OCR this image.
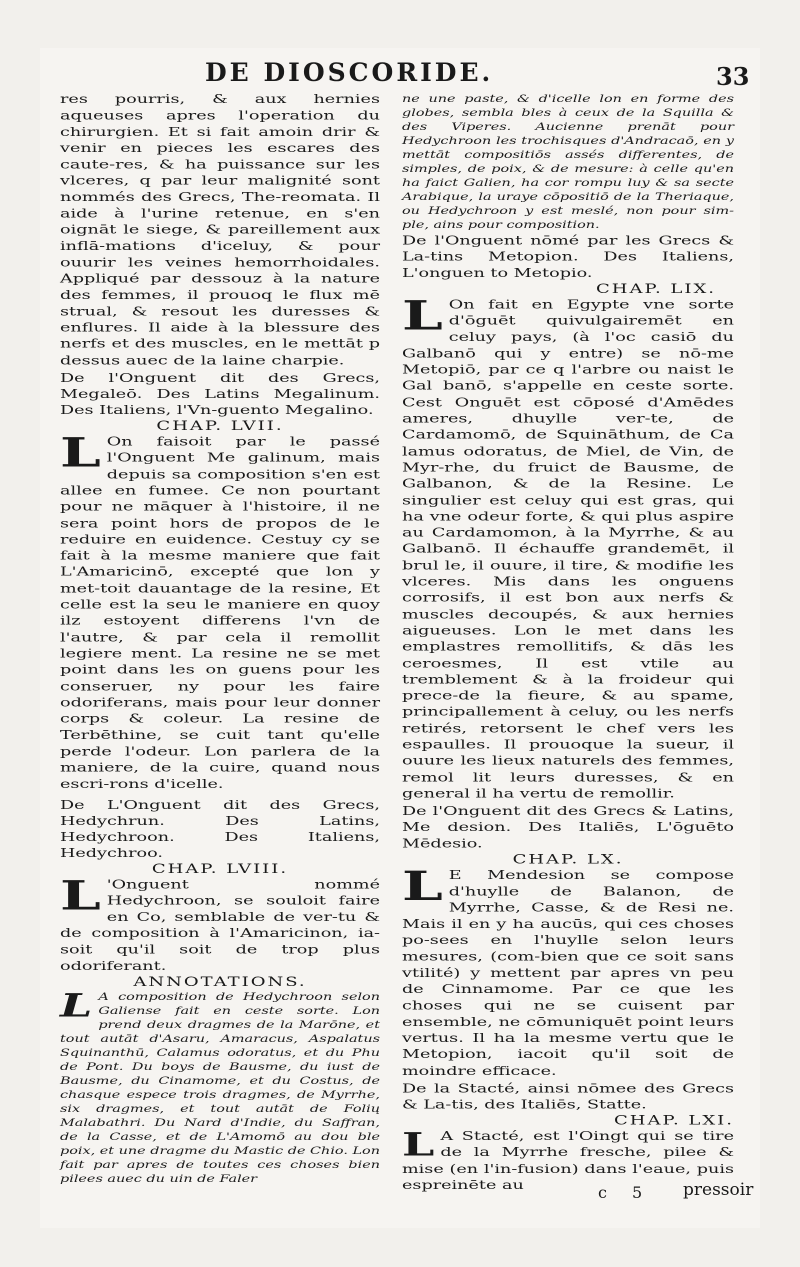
DE DIOSCORIDE.	33

res pourris, & aux hernies aqueuses apres l'operation du chirurgien. Et si fait amoin drir & venir en pieces les escares des caute-res, & ha puissance sur les vlceres, q par leur malignité sont nommés des Grecs, The-reomata. Il aide à l'urine retenue, en s'en oignāt le siege, & pareillement aux inflā-mations d'iceluy, & pour ouurir les veines hemorrhoidales. Appliqué par dessouz à la nature des femmes, il prouoq le flux mē strual, & resout les duresses & enflures. Il aide à la blessure des nerfs et des muscles, en le mettāt p dessus auec de la laine charpie.

De l'Onguent dit des Grecs, Megaleō. Des Latins Megalinum. Des Italiens, l'Vn-guento Megalino.

CHAP. LVII.

L On faisoit par le passé l'Onguent Me galinum, mais depuis sa composition s'en est allee en fumee. Ce non pourtant pour ne māquer à l'histoire, il ne sera point hors de propos de le reduire en euidence. Cestuy cy se fait à la mesme maniere que fait L'Amaricinō, excepté que lon y met-toit dauantage de la resine, Et celle est la seu le maniere en quoy ilz estoyent differens l'vn de l'autre, & par cela il remollit legiere ment. La resine ne se met point dans les on guens pour les conseruer, ny pour les faire odoriferans, mais pour leur donner corps & coleur. La resine de Terbēthine, se cuit tant qu'elle perde l'odeur. Lon parlera de la maniere, de la cuire, quand nous escri-rons d'icelle.

De L'Onguent dit des Grecs, Hedychrun. Des Latins, Hedychroon. Des Italiens, Hedychroo.

CHAP. LVIII.

L 'Onguent nommé Hedychroon, se souloit faire en Co, semblable de ver-tu & de composition à l'Amaricinon, ia-soit qu'il soit de trop plus odoriferant.

ANNOTATIONS.

L A composition de Hedychroon selon Galiense fait en ceste sorte. Lon prend deux dragmes de la Marōne, et tout autāt d'Asaru, Amaracus, Aspalatus Squinanthū, Calamus odoratus, et du Phu de Pont. Du boys de Bausme, du iust de Bausme, du Cinamome, et du Costus, de chasque espece trois dragmes, de Myrrhe, six dragmes, et tout autāt de Folių Malabathri. Du Nard d'Indie, du Saffran, de la Casse, et de L'Amomō au dou ble poix, et une dragme du Mastic de Chio. Lon fait par apres de toutes ces choses bien pilees auec du uin de Faler

ne une paste, & d'icelle lon en forme des globes, sembla bles à ceux de la Squilla & des Viperes. Aucienne prenāt pour Hedychroon les trochisques d'Andracaō, en y mettāt compositiōs assés differentes, de simples, de poix, & de mesure: à celle qu'en ha faict Galien, ha cor rompu luy & sa secte Arabique, la uraye cōpositiō de la Theriaque, ou Hedychroon y est meslé, non pour sim-ple, ains pour composition.

De l'Onguent nōmé par les Grecs & La-tins Metopion. Des Italiens, L'onguen to Metopio.

CHAP. LIX.

L On fait en Egypte vne sorte d'ōguēt quivulgairemēt en celuy pays, (à l'oc casiō du Galbanō qui y entre) se nō-me Metopiō, par ce q l'arbre ou naist le Gal banō, s'appelle en ceste sorte. Cest Onguēt est cōposé d'Amēdes ameres, dhuylle ver-te, de Cardamomō, de Squināthum, de Ca lamus odoratus, de Miel, de Vin, de Myr-rhe, du fruict de Bausme, de Galbanon, & de la Resine. Le singulier est celuy qui est gras, qui ha vne odeur forte, & qui plus aspire au Cardamomon, à la Myrrhe, & au Galbanō. Il échauffe grandemēt, il brul le, il ouure, il tire, & modifie les vlceres. Mis dans les onguens corrosifs, il est bon aux nerfs & muscles decoupés, & aux hernies aigueuses. Lon le met dans les emplastres remollitifs, & dās les ceroesmes, Il est vtile au tremblement & à la froideur qui prece-de la fieure, & au spame, principallement à celuy, ou les nerfs retirés, retorsent le chef vers les espaulles. Il prouoque la sueur, il ouure les lieux naturels des femmes, remol lit leurs duresses, & en general il ha vertu de remollir.

De l'Onguent dit des Grecs & Latins, Me desion. Des Italiēs, L'ōguēto Mēdesio.

CHAP. LX.

L E Mendesion se compose d'huylle de Balanon, de Myrrhe, Casse, & de Resi ne. Mais il en y ha aucūs, qui ces choses po-sees en l'huylle selon leurs mesures, (com-bien que ce soit sans vtilité) y mettent par apres vn peu de Cinnamome. Par ce que les choses qui ne se cuisent par ensemble, ne cōmuniquēt point leurs vertus. Il ha la mesme vertu que le Metopion, iacoit qu'il soit de moindre efficace.

De la Stacté, ainsi nōmee des Grecs & La-tis, des Italiēs, Statte.

CHAP. LXI.

L A Stacté, est l'Oingt qui se tire de la Myrrhe fresche, pilee & mise (en l'in-fusion) dans l'eaue, puis espreinēte au	c 5 pressoir
